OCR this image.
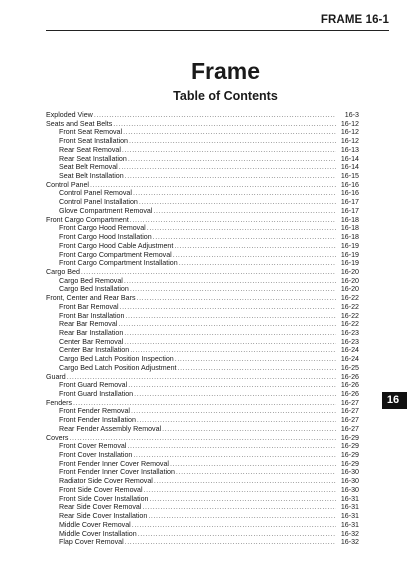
FRAME 16-1
Frame
Table of Contents
Exploded View .....	16-3
Seats and Seat Belts .....	16-12
Front Seat Removal .....	16-12
Front Seat Installation .....	16-12
Rear Seat Removal .....	16-13
Rear Seat Installation .....	16-14
Seat Belt Removal .....	16-14
Seat Belt Installation .....	16-15
Control Panel .....	16-16
Control Panel Removal .....	16-16
Control Panel Installation .....	16-17
Glove Compartment Removal .....	16-17
Front Cargo Compartment .....	16-18
Front Cargo Hood Removal .....	16-18
Front Cargo Hood Installation .....	16-18
Front Cargo Hood Cable Adjustment .....	16-19
Front Cargo Compartment Removal .....	16-19
Front Cargo Compartment Installation .....	16-19
Cargo Bed .....	16-20
Cargo Bed Removal .....	16-20
Cargo Bed Installation .....	16-20
Front, Center and Rear Bars .....	16-22
Front Bar Removal .....	16-22
Front Bar Installation .....	16-22
Rear Bar Removal .....	16-22
Rear Bar Installation .....	16-23
Center Bar Removal .....	16-23
Center Bar Installation .....	16-24
Cargo Bed Latch Position Inspection .....	16-24
Cargo Bed Latch Position Adjustment .....	16-25
Guard .....	16-26
Front Guard Removal .....	16-26
Front Guard Installation .....	16-26
Fenders .....	16-27
Front Fender Removal .....	16-27
Front Fender Installation .....	16-27
Rear Fender Assembly Removal .....	16-27
Covers .....	16-29
Front Cover Removal .....	16-29
Front Cover Installation .....	16-29
Front Fender Inner Cover Removal .....	16-29
Front Fender Inner Cover Installation .....	16-30
Radiator Side Cover Removal .....	16-30
Front Side Cover Removal .....	16-30
Front Side Cover Installation .....	16-31
Rear Side Cover Removal .....	16-31
Rear Side Cover Installation .....	16-31
Middle Cover Removal .....	16-31
Middle Cover Installation .....	16-32
Flap Cover Removal .....	16-32
16
